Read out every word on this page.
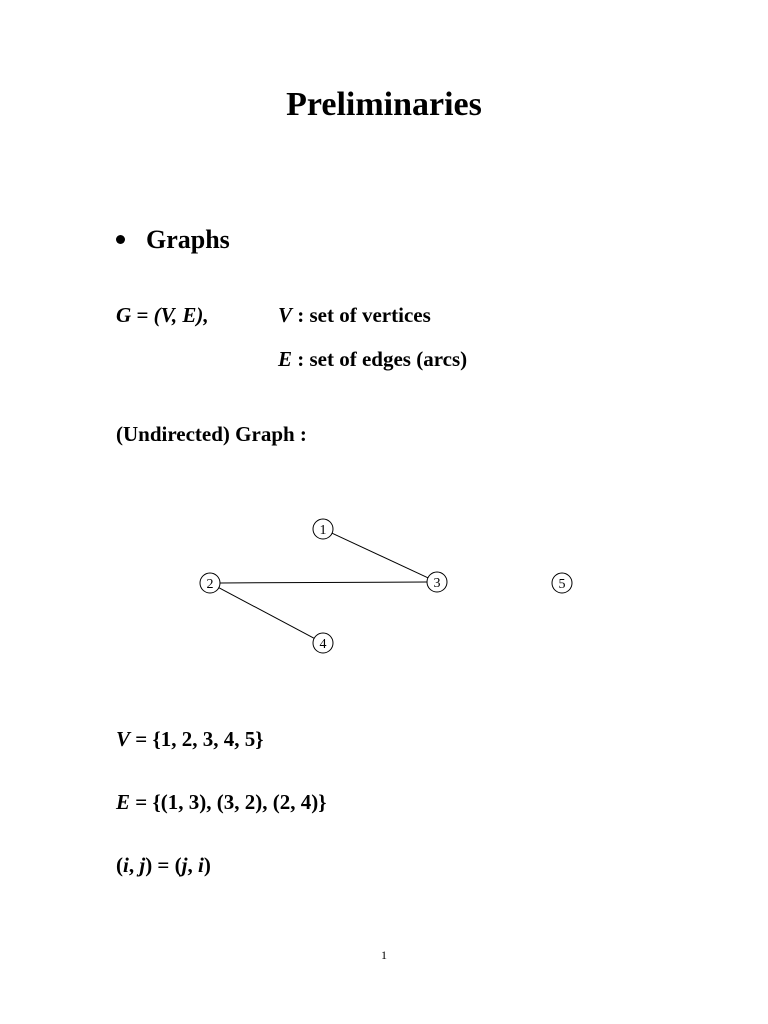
Preliminaries
Graphs
G = (V, E),	V : set of vertices
E : set of edges (arcs)
(Undirected) Graph :
1
2	3
4
5
V = {1, 2, 3, 4, 5}
E = {(1, 3), (3, 2), (2, 4)}
(i, j) = (j, i)
1
